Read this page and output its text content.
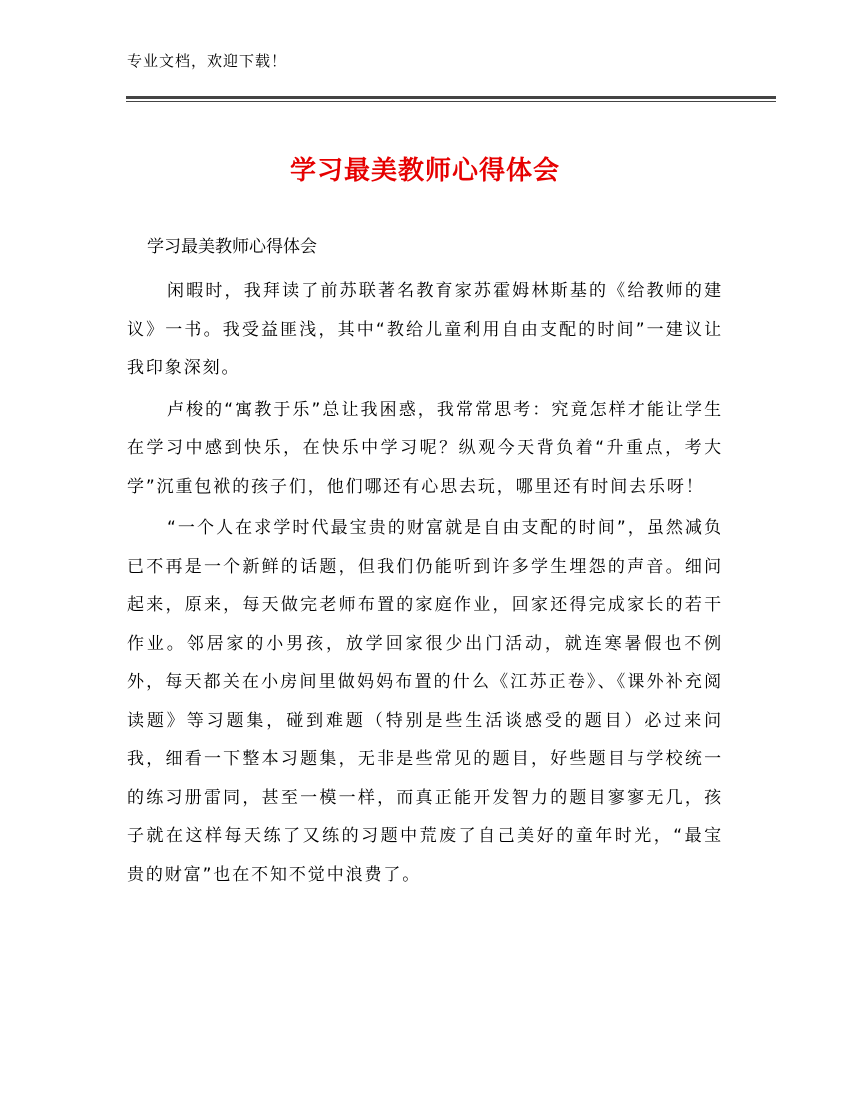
专业文档，欢迎下载！
学习最美教师心得体会

学习最美教师心得体会

闲暇时，我拜读了前苏联著名教育家苏霍姆林斯基的《给教师的建议》一书。我受益匪浅，其中“教给儿童利用自由支配的时间”一建议让我印象深刻。

卢梭的“寓教于乐”总让我困惑，我常常思考：究竟怎样才能让学生在学习中感到快乐，在快乐中学习呢？纵观今天背负着“升重点，考大学”沉重包袱的孩子们，他们哪还有心思去玩，哪里还有时间去乐呀！

“一个人在求学时代最宝贵的财富就是自由支配的时间”，虽然减负已不再是一个新鲜的话题，但我们仍能听到许多学生埋怨的声音。细问起来，原来，每天做完老师布置的家庭作业，回家还得完成家长的若干作业。邻居家的小男孩，放学回家很少出门活动，就连寒暑假也不例外，每天都关在小房间里做妈妈布置的什么《江苏正卷》、《课外补充阅读题》等习题集，碰到难题（特别是些生活谈感受的题目）必过来问我，细看一下整本习题集，无非是些常见的题目，好些题目与学校统一的练习册雷同，甚至一模一样，而真正能开发智力的题目寥寥无几，孩子就在这样每天练了又练的习题中荒废了自己美好的童年时光，“最宝贵的财富”也在不知不觉中浪费了。
